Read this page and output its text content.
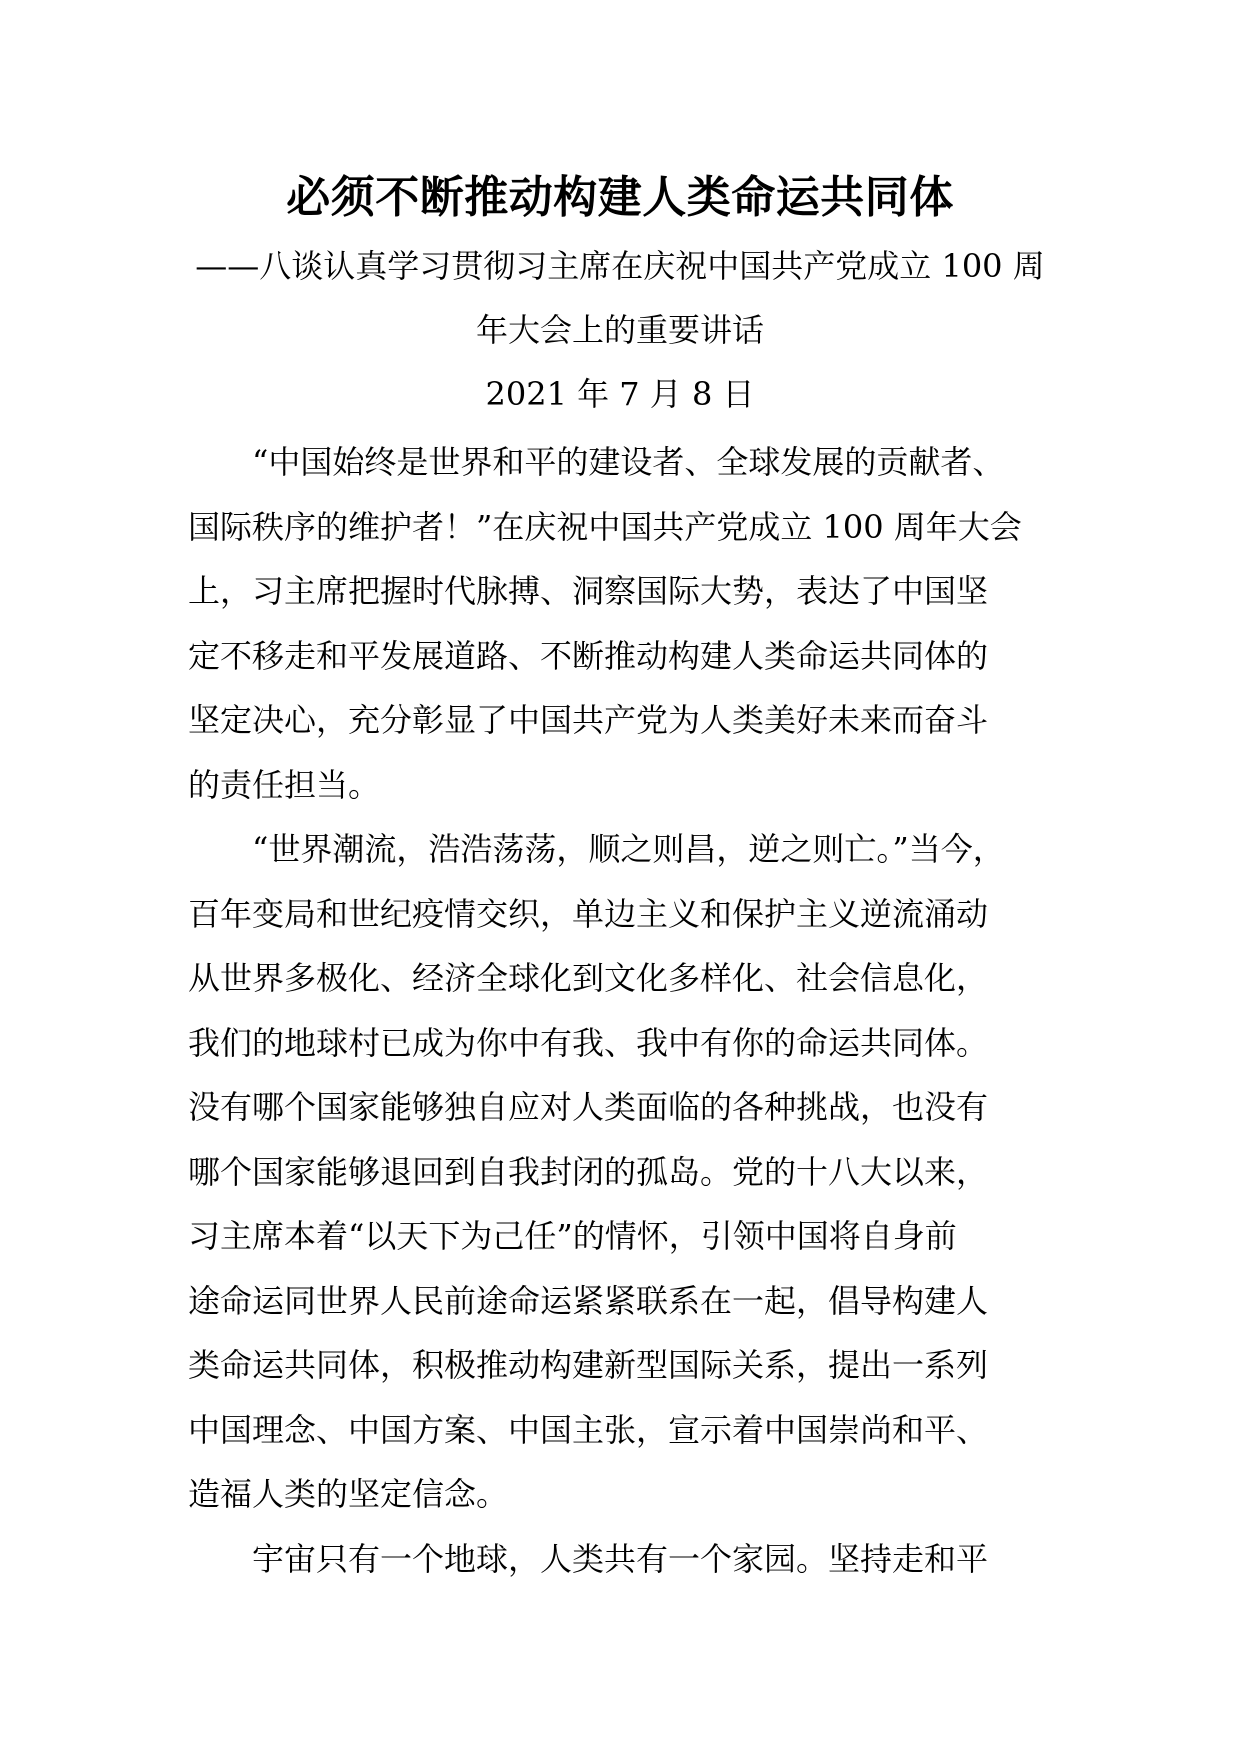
必须不断推动构建人类命运共同体
——八谈认真学习贯彻习主席在庆祝中国共产党成立 100 周
年大会上的重要讲话
2021 年 7 月 8 日
“中国始终是世界和平的建设者、全球发展的贡献者、
国际秩序的维护者！”在庆祝中国共产党成立 100 周年大会
上，习主席把握时代脉搏、洞察国际大势，表达了中国坚
定不移走和平发展道路、不断推动构建人类命运共同体的
坚定决心，充分彰显了中国共产党为人类美好未来而奋斗
的责任担当。
“世界潮流，浩浩荡荡，顺之则昌，逆之则亡。”当今，
百年变局和世纪疫情交织，单边主义和保护主义逆流涌动
从世界多极化、经济全球化到文化多样化、社会信息化，
我们的地球村已成为你中有我、我中有你的命运共同体。
没有哪个国家能够独自应对人类面临的各种挑战，也没有
哪个国家能够退回到自我封闭的孤岛。党的十八大以来，
习主席本着“以天下为己任”的情怀，引领中国将自身前
途命运同世界人民前途命运紧紧联系在一起，倡导构建人
类命运共同体，积极推动构建新型国际关系，提出一系列
中国理念、中国方案、中国主张，宣示着中国崇尚和平、
造福人类的坚定信念。
宇宙只有一个地球，人类共有一个家园。坚持走和平
